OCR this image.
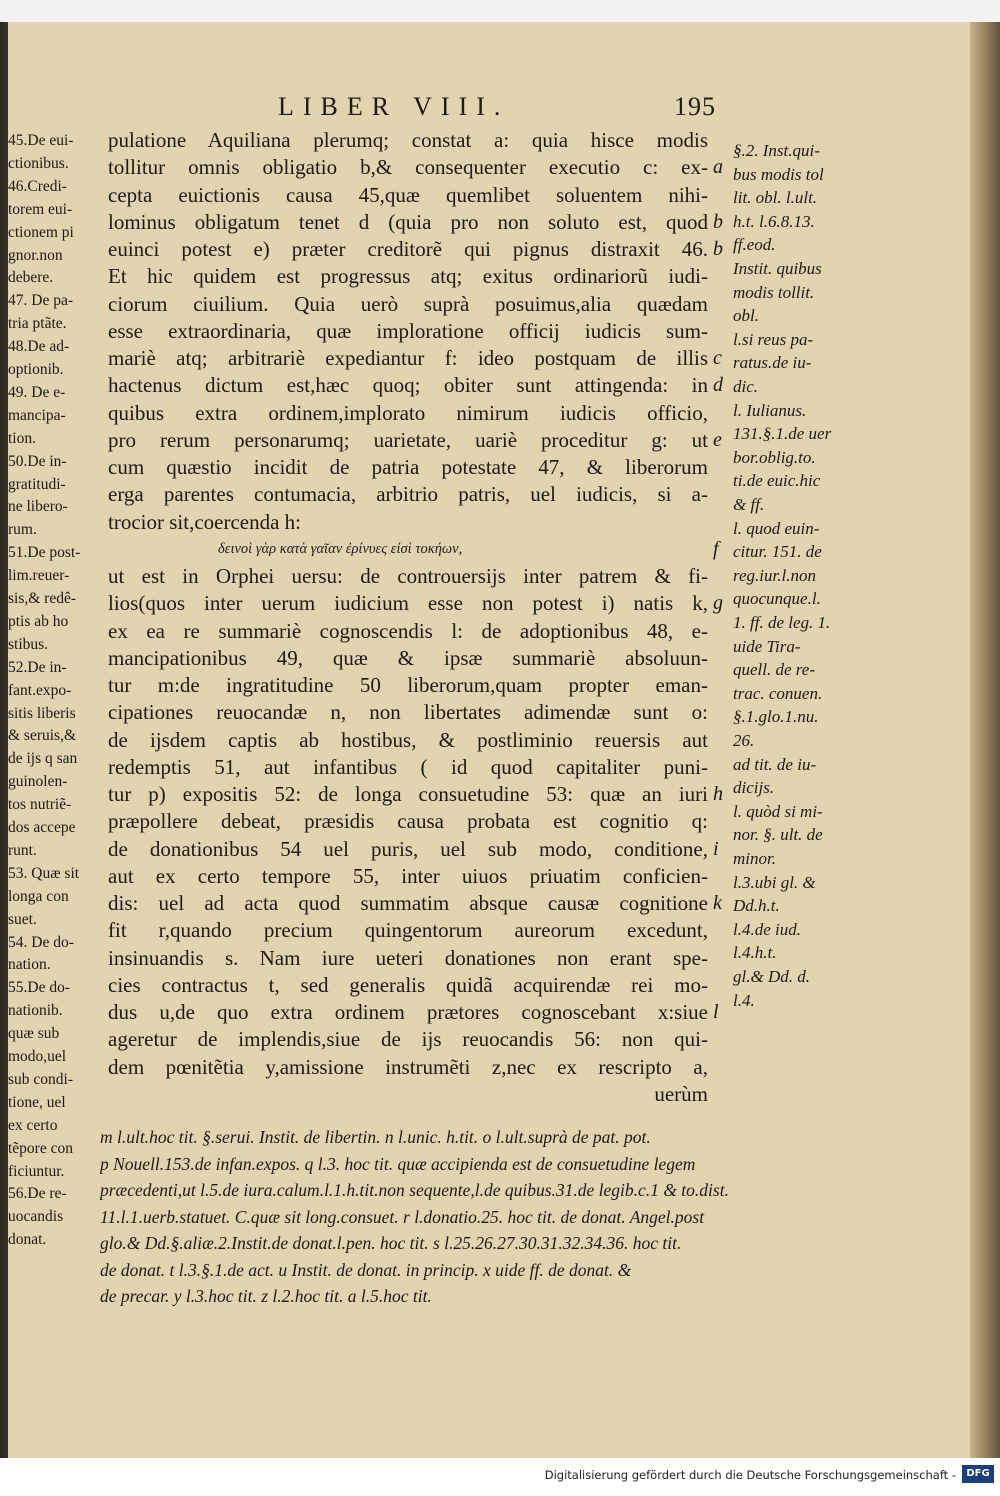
LIBER VIII.	195
45.De eui-
ctionibus.
46.Credi-
torem eui-
ctionem pi
gnor.non
debere.
47. De pa-
tria ptãte.
48.De ad-
optionib.
49. De e-
mancipa-
tion.
50.De in-
gratitudi-
ne libero-
rum.
51.De post-
lim.reuer-
sis,& redê-
ptis ab ho
stibus.
52.De in-
fant.expo-
sitis liberis
& seruis,&
de ijs q san
guinolen-
tos nutriẽ-
dos accepe
runt.
53. Quæ sit
longa con
suet.
54. De do-
nation.
55.De do-
nationib.
quæ sub
modo,uel
sub condi-
tione, uel
ex certo
tẽpore con
ficiuntur.
56.De re-
uocandis
donat.
pulatione Aquiliana plerumq; constat a: quia hisce modis
tollitur omnis obligatio b,& consequenter executio c: ex-
cepta euictionis causa 45,quæ quemlibet soluentem nihi-
lominus obligatum tenet d (quia pro non soluto est, quod
euinci potest e) præter creditorẽ qui pignus distraxit 46.
Et hic quidem est progressus atq; exitus ordinariorũ iudi-
ciorum ciuilium. Quia uerò suprà posuimus,alia quædam
esse extraordinaria, quæ imploratione officij iudicis sum-
mariè atq; arbitrariè expediantur f: ideo postquam de illis
hactenus dictum est,hæc quoq; obiter sunt attingenda: in
quibus extra ordinem,implorato nimirum iudicis officio,
pro rerum personarumq; uarietate, uariè proceditur g: ut
cum quæstio incidit de patria potestate 47, & liberorum
erga parentes contumacia, arbitrio patris, uel iudicis, si a-
trocior sit,coercenda h:
δεινοὶ γὰρ κατὰ γαῖαν ἐρίνυες εἰσὶ τοκήων,
ut est in Orphei uersu: de controuersijs inter patrem & fi-
lios(quos inter uerum iudicium esse non potest i) natis k,
ex ea re summariè cognoscendis l: de adoptionibus 48, e-
mancipationibus 49, quæ & ipsæ summariè absoluun-
tur m:de ingratitudine 50 liberorum,quam propter eman-
cipationes reuocandæ n, non libertates adimendæ sunt o:
de ijsdem captis ab hostibus, & postliminio reuersis aut
redemptis 51, aut infantibus ( id quod capitaliter puni-
tur p) expositis 52: de longa consuetudine 53: quæ an iuri
præpollere debeat, præsidis causa probata est cognitio q:
de donationibus 54 uel puris, uel sub modo, conditione,
aut ex certo tempore 55, inter uiuos priuatim conficien-
dis: uel ad acta quod summatim absque causæ cognitione
fit r,quando precium quingentorum aureorum excedunt,
insinuandis s. Nam iure ueteri donationes non erant spe-
cies contractus t, sed generalis quidã acquirendæ rei mo-
dus u,de quo extra ordinem prætores cognoscebant x:siue
ageretur de implendis,siue de ijs reuocandis 56: non qui-
dem pœnitẽtia y,amissione instrumẽti z,nec ex rescripto a,
uerùm
a
b
b
c
d
e
f
g
h
i
k
l
§.2. Inst.qui-
bus modis tol
lit. obl. l.ult.
h.t. l.6.8.13.
ff.eod.
Instit. quibus
modis tollit.
obl.
l.si reus pa-
ratus.de iu-
dic.
l. Iulianus.
131.§.1.de uer
bor.oblig.to.
ti.de euic.hic
& ff.
l. quod euin-
citur. 151. de
reg.iur.l.non
quocunque.l.
1. ff. de leg. 1.
uide Tira-
quell. de re-
trac. conuen.
§.1.glo.1.nu.
26.
ad tit. de iu-
dicijs.
l. quòd si mi-
nor. §. ult. de
minor.
l.3.ubi gl. &
Dd.h.t.
l.4.de iud.
l.4.h.t.
gl.& Dd. d.
l.4.
m l.ult.hoc tit. §.serui. Instit. de libertin. n l.unic. h.tit. o l.ult.suprà de pat. pot.
p Nouell.153.de infan.expos. q l.3. hoc tit. quæ accipienda est de consuetudine legem
præcedenti,ut l.5.de iura.calum.l.1.h.tit.non sequente,l.de quibus.31.de legib.c.1 & to.dist.
11.l.1.uerb.statuet. C.quæ sit long.consuet. r l.donatio.25. hoc tit. de donat. Angel.post
glo.& Dd.§.aliæ.2.Instit.de donat.l.pen. hoc tit. s l.25.26.27.30.31.32.34.36. hoc tit.
de donat. t l.3.§.1.de act. u Instit. de donat. in princip. x uide ff. de donat. &
de precar. y l.3.hoc tit. z l.2.hoc tit. a l.5.hoc tit.
Digitalisierung gefördert durch die Deutsche Forschungsgemeinschaft -	DFG
